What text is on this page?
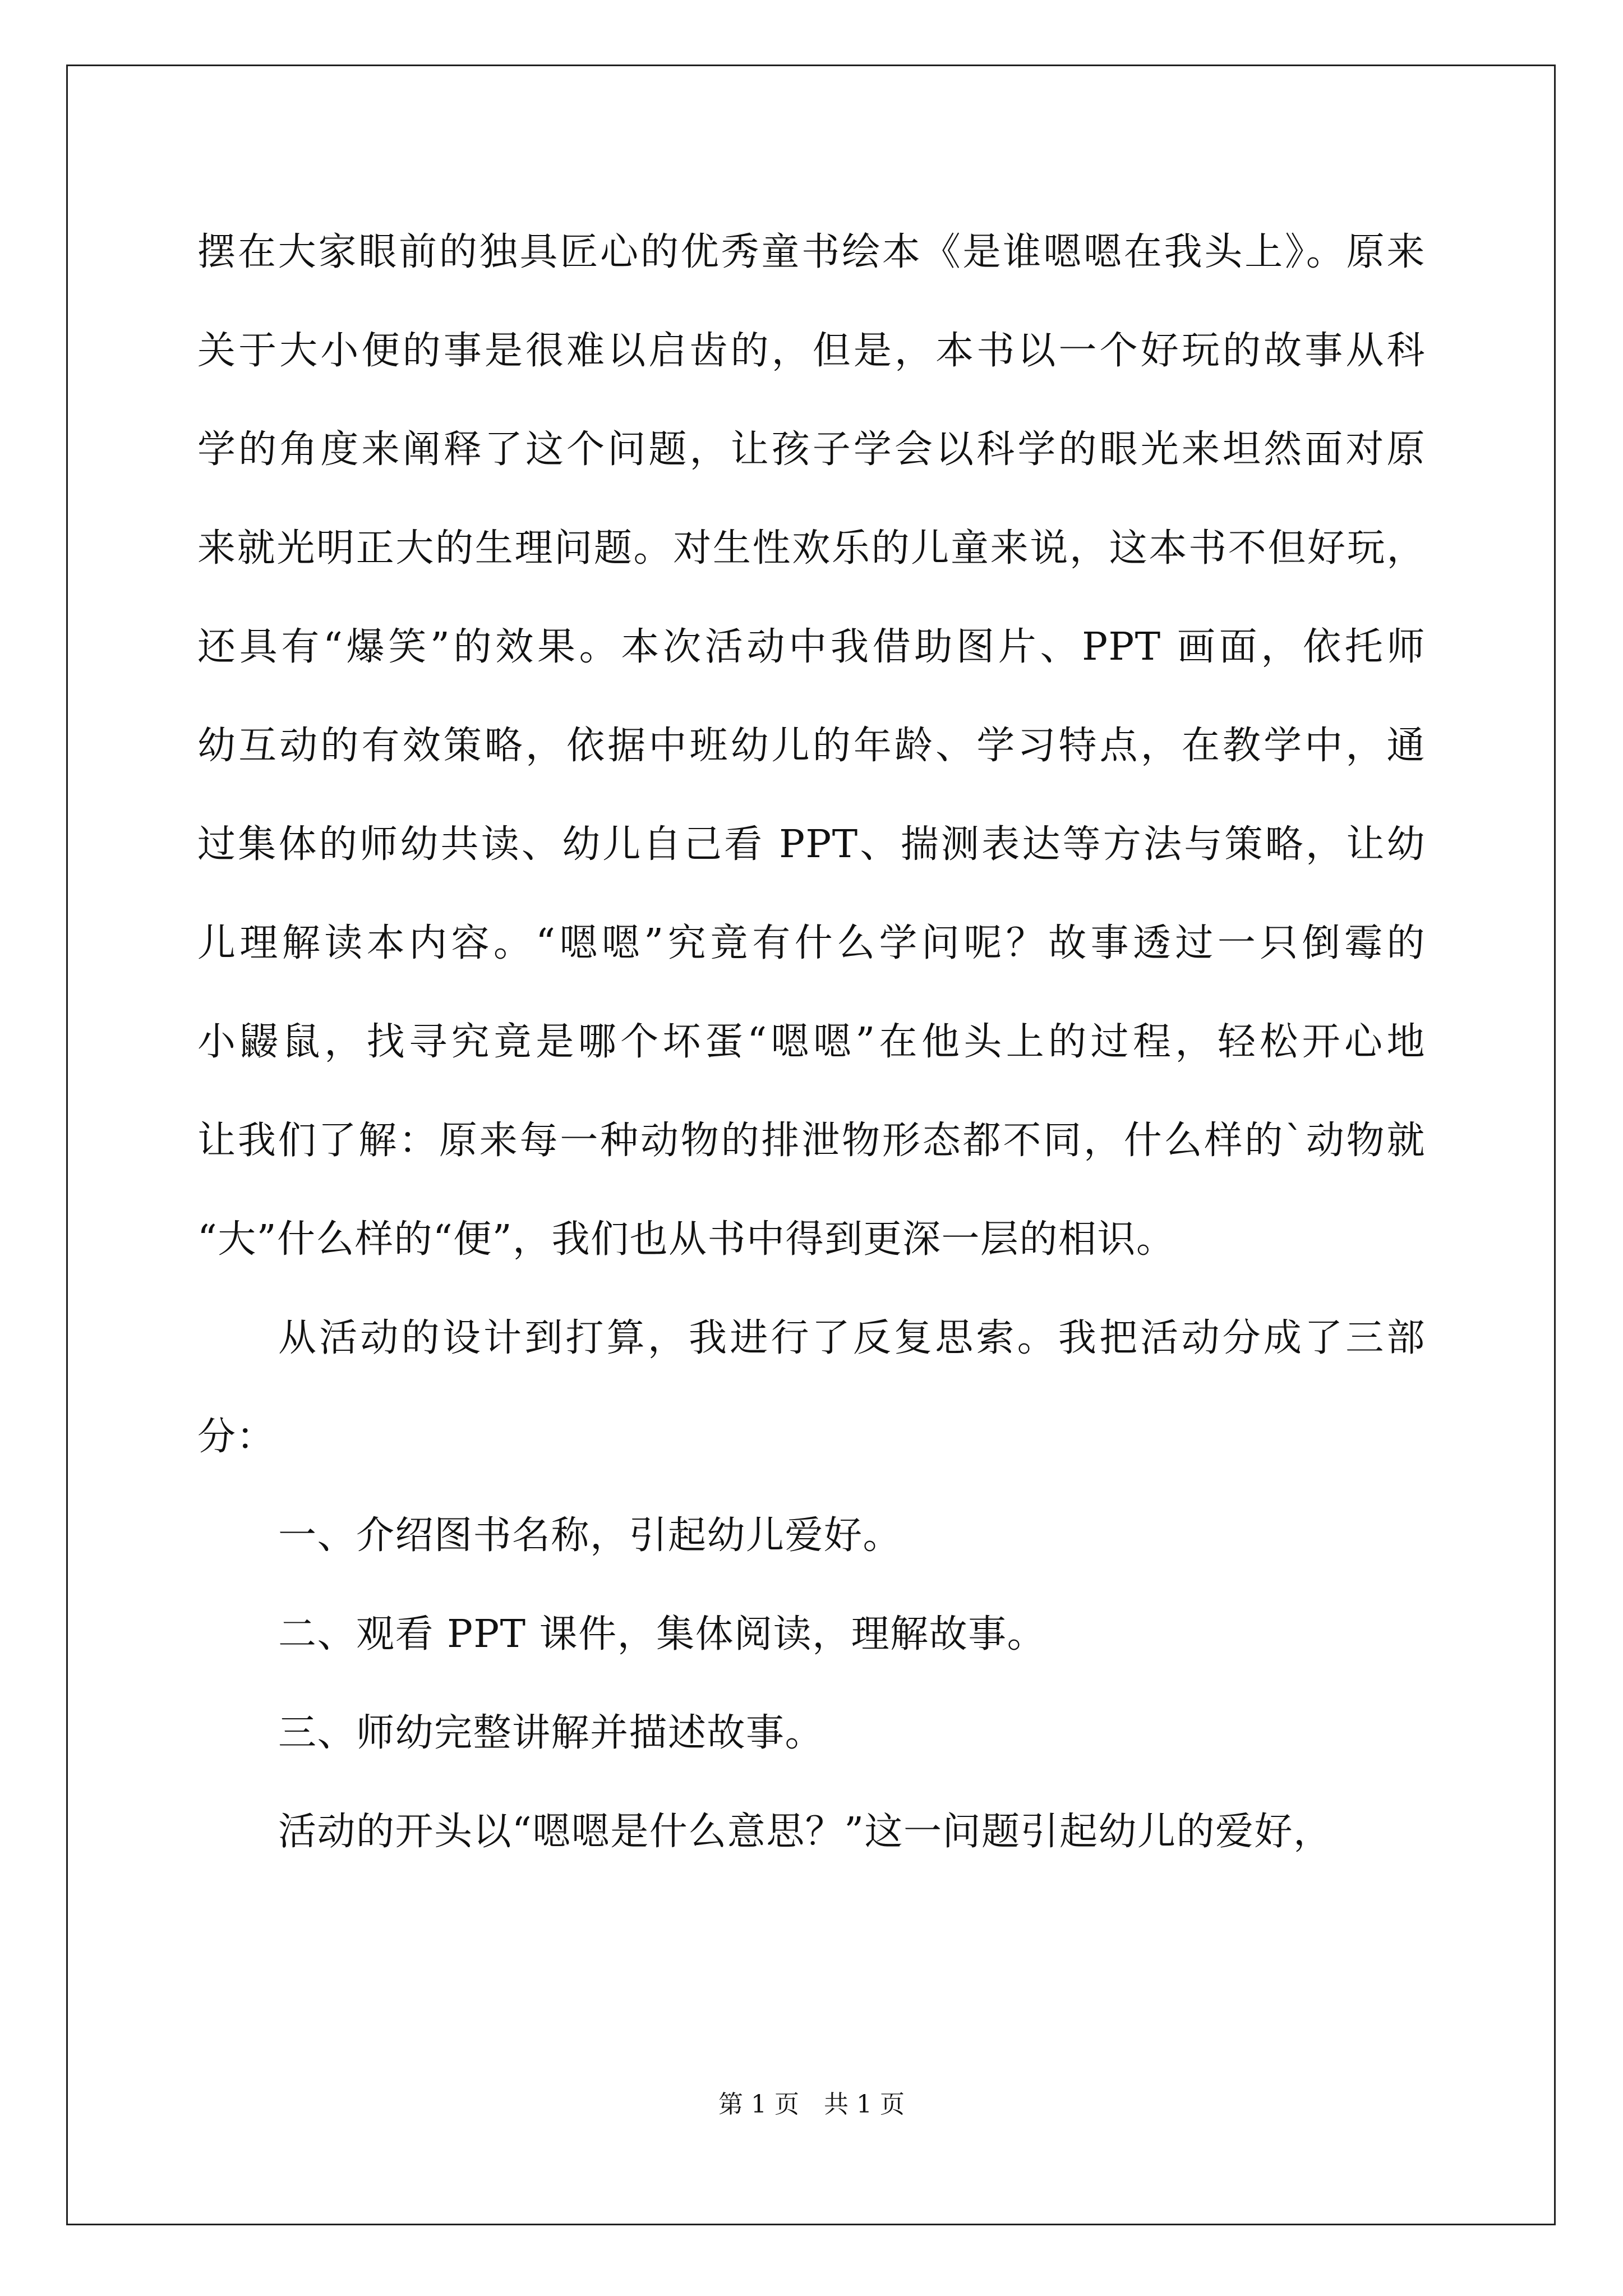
摆在大家眼前的独具匠心的优秀童书绘本《是谁嗯嗯在我头上》。原来
关于大小便的事是很难以启齿的，但是，本书以一个好玩的故事从科
学的角度来阐释了这个问题，让孩子学会以科学的眼光来坦然面对原
来就光明正大的生理问题。对生性欢乐的儿童来说，这本书不但好玩，
还具有“爆笑”的效果。本次活动中我借助图片、PPT 画面，依托师
幼互动的有效策略，依据中班幼儿的年龄、学习特点，在教学中，通
过集体的师幼共读、幼儿自己看 PPT、揣测表达等方法与策略，让幼
儿理解读本内容。“嗯嗯”究竟有什么学问呢？故事透过一只倒霉的
小鼹鼠，找寻究竟是哪个坏蛋“嗯嗯”在他头上的过程，轻松开心地
让我们了解：原来每一种动物的排泄物形态都不同，什么样的`动物就
“大”什么样的“便”，我们也从书中得到更深一层的相识。
从活动的设计到打算，我进行了反复思索。我把活动分成了三部
分：
一、介绍图书名称，引起幼儿爱好。
二、观看 PPT 课件，集体阅读，理解故事。
三、师幼完整讲解并描述故事。
活动的开头以“嗯嗯是什么意思？”这一问题引起幼儿的爱好，
第 1 页　共 1 页
